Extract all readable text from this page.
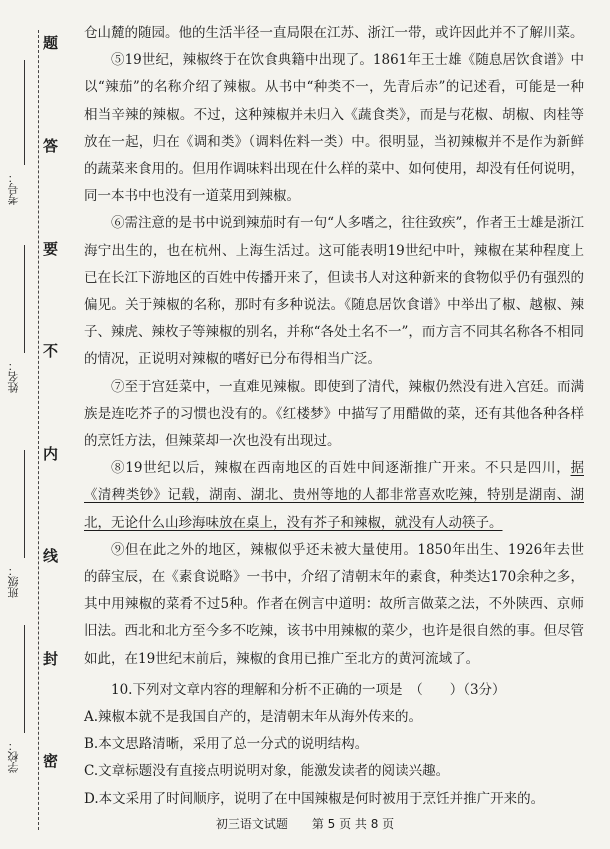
题
答
要
不
内
线
封
密
考号：
姓名：
班级：
学校：

仓山麓的随园。他的生活半径一直局限在江苏、浙江一带，或许因此并不了解川菜。

⑤19世纪，辣椒终于在饮食典籍中出现了。1861年王士雄《随息居饮食谱》中以“辣茄”的名称介绍了辣椒。从书中“种类不一，先青后赤”的记述看，可能是一种相当辛辣的辣椒。不过，这种辣椒并未归入《蔬食类》，而是与花椒、胡椒、肉桂等放在一起，归在《调和类》（调料佐料一类）中。很明显，当初辣椒并不是作为新鲜的蔬菜来食用的。但用作调味料出现在什么样的菜中、如何使用，却没有任何说明，同一本书中也没有一道菜用到辣椒。

⑥需注意的是书中说到辣茄时有一句“人多嗜之，往往致疾”，作者王士雄是浙江海宁出生的，也在杭州、上海生活过。这可能表明19世纪中叶，辣椒在某种程度上已在长江下游地区的百姓中传播开来了，但读书人对这种新来的食物似乎仍有强烈的偏见。关于辣椒的名称，那时有多种说法。《随息居饮食谱》中举出了椒、越椒、辣子、辣虎、辣枚子等辣椒的别名，并称“各处土名不一”，而方言不同其名称各不相同的情况，正说明对辣椒的嗜好已分布得相当广泛。

⑦至于宫廷菜中，一直难见辣椒。即使到了清代，辣椒仍然没有进入宫廷。而满族是连吃芥子的习惯也没有的。《红楼梦》中描写了用醋做的菜，还有其他各种各样的烹饪方法，但辣菜却一次也没有出现过。

⑧19世纪以后，辣椒在西南地区的百姓中间逐渐推广开来。不只是四川，据《清稗类钞》记载，湖南、湖北、贵州等地的人都非常喜欢吃辣，特别是湖南、湖北，无论什么山珍海味放在桌上，没有芥子和辣椒，就没有人动筷子。

⑨但在此之外的地区，辣椒似乎还未被大量使用。1850年出生、1926年去世的薛宝辰，在《素食说略》一书中，介绍了清朝末年的素食，种类达170余种之多，其中用辣椒的菜肴不过5种。作者在例言中道明：故所言做菜之法，不外陕西、京师旧法。西北和北方至今多不吃辣，该书中用辣椒的菜少，也许是很自然的事。但尽管如此，在19世纪末前后，辣椒的食用已推广至北方的黄河流域了。

10.下列对文章内容的理解和分析不正确的一项是　（　　）（3分）

A.辣椒本就不是我国自产的，是清朝末年从海外传来的。

B.本文思路清晰，采用了总一分式的说明结构。

C.文章标题没有直接点明说明对象，能激发读者的阅读兴趣。

D.本文采用了时间顺序，说明了在中国辣椒是何时被用于烹饪并推广开来的。

初三语文试题　　第 5 页 共 8 页
